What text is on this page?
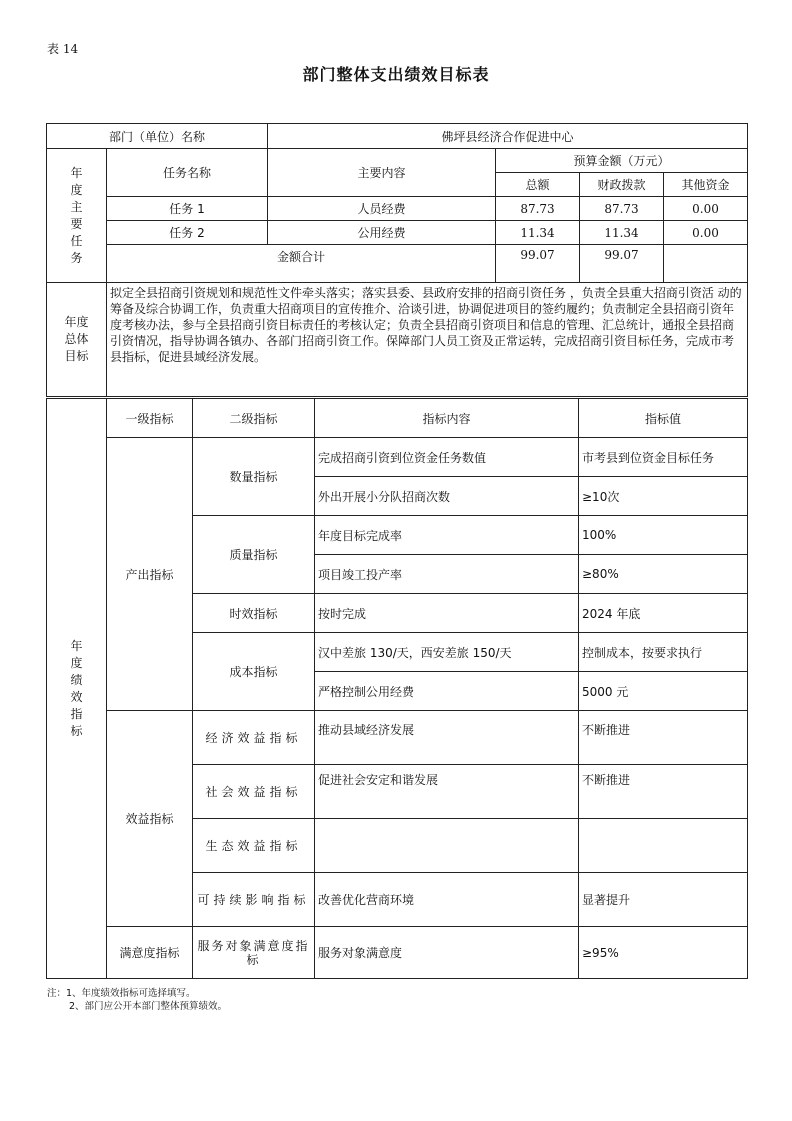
表 14
部门整体支出绩效目标表
部门（单位）名称		佛坪县经济合作促进中心			
年度主要任务	任务名称	主要内容	预算金额（万元）		
			总额	财政拨款	其他资金
	任务 1	人员经费	87.73	87.73	0.00
	任务 2	公用经费	11.34	11.34	0.00
	金额合计		99.07	99.07	
年度总体目标	拟定全县招商引资规划和规范性文件牵头落实；落实县委、县政府安排的招商引资任务 ，负责全县重大招商引资活 动的筹备及综合协调工作，负责重大招商项目的宣传推介、洽谈引进，协调促进项目的签约履约；负责制定全县招商引资年度考核办法，参与全县招商引资目标责任的考核认定；负责全县招商引资项目和信息的管理、汇总统计，通报全县招商引资情况，指导协调各镇办、各部门招商引资工作。保障部门人员工资及正常运转，完成招商引资目标任务，完成市考县指标，促进县域经济发展。				
年度绩效指标	一级指标	二级指标	指标内容	指标值
	产出指标	数量指标	完成招商引资到位资金任务数值	市考县到位资金目标任务
			外出开展小分队招商次数	≥10次
		质量指标	年度目标完成率	100%
			项目竣工投产率	≥80%
		时效指标	按时完成	2024 年底
		成本指标	汉中差旅 130/天，西安差旅 150/天	控制成本，按要求执行
			严格控制公用经费	5000 元
	效益指标	经济效益指标	推动县域经济发展	不断推进
		社会效益指标	促进社会安定和谐发展	不断推进
		生态效益指标		
		可持续影响指标	改善优化营商环境	显著提升
	满意度指标	服务对象满意度指标	服务对象满意度	≥95%
注：1、年度绩效指标可选择填写。
2、部门应公开本部门整体预算绩效。
